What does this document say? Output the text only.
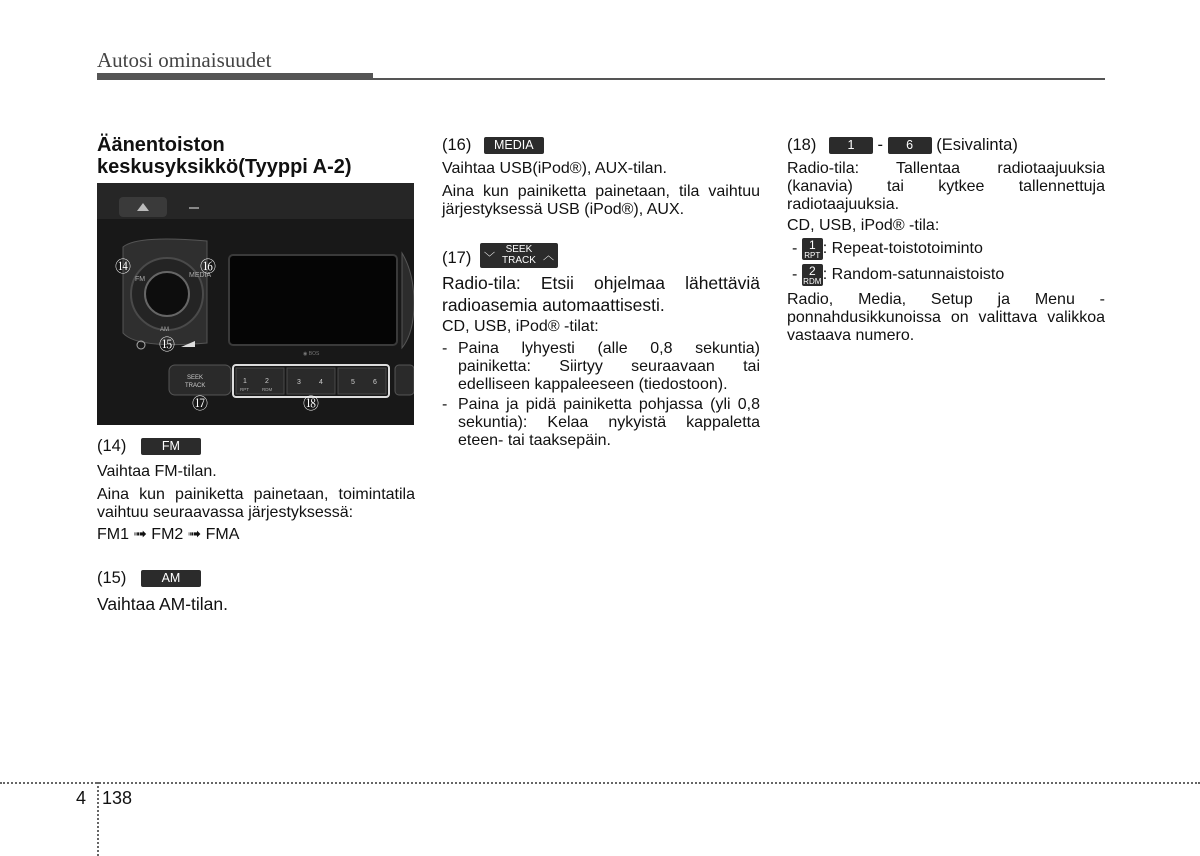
Autosi ominaisuudet
Äänentoiston keskusyksikkö(Tyyppi A-2)
FM
MEDIA
AM
◉ BOS
SEEK
TRACK
1	2	3	4	5	6
RPT	RDM
⑭	⑯
⑮
⑰	⑱
(14)	FM

Vaihtaa FM-tilan.

Aina kun painiketta painetaan, toimintatila vaihtuu seuraavassa järjestyksessä:

FM1 ➟ FM2 ➟ FMA

(15)	AM

Vaihtaa AM-tilan.

(16) MEDIA

Vaihtaa USB(iPod®), AUX-tilan.

Aina kun painiketta painetaan, tila vaihtuu järjestyksessä USB (iPod®), AUX.

(17) ﹀
SEEK
TRACK ︿

Radio-tila: Etsii ohjelmaa lähettäviä radioasemia automaattisesti.

CD, USB, iPod® -tilat:

- Paina lyhyesti (alle 0,8 sekuntia) painiketta: Siirtyy seuraavaan tai edelliseen kappaleeseen (tiedostoon).
- Paina ja pidä painiketta pohjassa (yli 0,8 sekuntia): Kelaa nykyistä kappaletta eteen- tai taaksepäin.
(18) 1 - 6 (Esivalinta)

Radio-tila: Tallentaa radiotaajuuksia (kanavia) tai kytkee tallennettuja radiotaajuuksia.

CD, USB, iPod® -tila:

- 1
RPT : Repeat-toistotoiminto
- 2
RDM : Random-satunnaistoisto

Radio, Media, Setup ja Menu -ponnahdusikkunoissa on valittava valikkoa vastaava numero.

4 138
